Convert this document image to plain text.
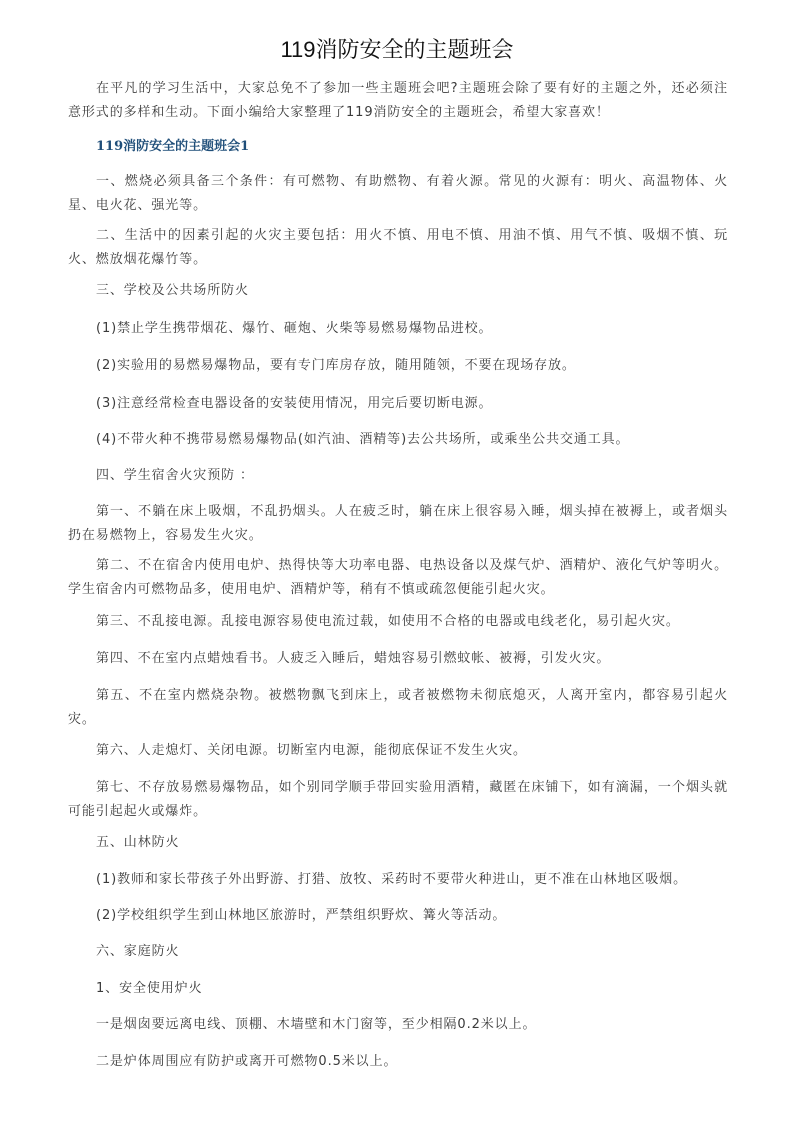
119消防安全的主题班会

在平凡的学习生活中，大家总免不了参加一些主题班会吧?主题班会除了要有好的主题之外，还必须注意形式的多样和生动。下面小编给大家整理了119消防安全的主题班会，希望大家喜欢！

119消防安全的主题班会1

一、燃烧必须具备三个条件：有可燃物、有助燃物、有着火源。常见的火源有：明火、高温物体、火星、电火花、强光等。

二、生活中的因素引起的火灾主要包括：用火不慎、用电不慎、用油不慎、用气不慎、吸烟不慎、玩火、燃放烟花爆竹等。

三、学校及公共场所防火

(1)禁止学生携带烟花、爆竹、砸炮、火柴等易燃易爆物品进校。

(2)实验用的易燃易爆物品，要有专门库房存放，随用随领，不要在现场存放。

(3)注意经常检查电器设备的安装使用情况，用完后要切断电源。

(4)不带火种不携带易燃易爆物品(如汽油、酒精等)去公共场所，或乘坐公共交通工具。

四、学生宿舍火灾预防 ：

第一、不躺在床上吸烟，不乱扔烟头。人在疲乏时，躺在床上很容易入睡，烟头掉在被褥上，或者烟头扔在易燃物上，容易发生火灾。

第二、不在宿舍内使用电炉、热得快等大功率电器、电热设备以及煤气炉、酒精炉、液化气炉等明火。学生宿舍内可燃物品多，使用电炉、酒精炉等，稍有不慎或疏忽便能引起火灾。

第三、不乱接电源。乱接电源容易使电流过载，如使用不合格的电器或电线老化，易引起火灾。

第四、不在室内点蜡烛看书。人疲乏入睡后，蜡烛容易引燃蚊帐、被褥，引发火灾。

第五、不在室内燃烧杂物。被燃物飘飞到床上，或者被燃物未彻底熄灭，人离开室内，都容易引起火灾。

第六、人走熄灯、关闭电源。切断室内电源，能彻底保证不发生火灾。

第七、不存放易燃易爆物品，如个别同学顺手带回实验用酒精，藏匿在床铺下，如有滴漏，一个烟头就可能引起起火或爆炸。

五、山林防火

(1)教师和家长带孩子外出野游、打猎、放牧、采药时不要带火种进山，更不准在山林地区吸烟。

(2)学校组织学生到山林地区旅游时，严禁组织野炊、篝火等活动。

六、家庭防火

1、安全使用炉火

一是烟囱要远离电线、顶棚、木墙壁和木门窗等，至少相隔0.2米以上。

二是炉体周围应有防护或离开可燃物0.5米以上。
